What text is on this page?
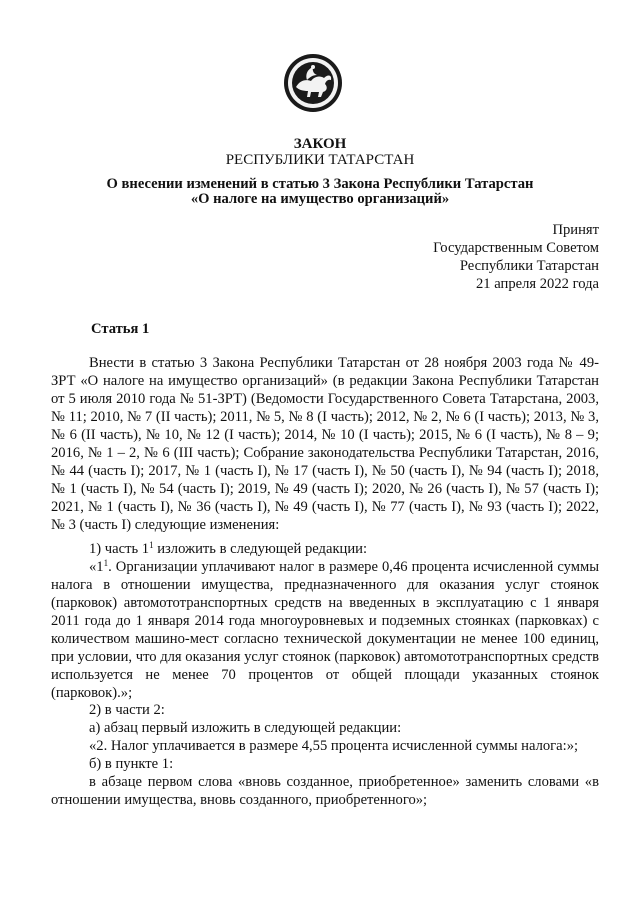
ЗАКОН
РЕСПУБЛИКИ ТАТАРСТАН
О внесении изменений в статью 3 Закона Республики Татарстан
«О налоге на имущество организаций»
Принят
Государственным Советом
Республики Татарстан
21 апреля 2022 года
Статья 1
Внести в статью 3 Закона Республики Татарстан от 28 ноября 2003 года № 49-ЗРТ «О налоге на имущество организаций» (в редакции Закона Республики Татарстан от 5 июля 2010 года № 51-ЗРТ) (Ведомости Государственного Совета Татарстана, 2003, № 11; 2010, № 7 (II часть); 2011, № 5, № 8 (I часть); 2012, № 2, № 6 (I часть); 2013, № 3, № 6 (II часть), № 10, № 12 (I часть); 2014, № 10 (I часть); 2015, № 6 (I часть), № 8 – 9; 2016, № 1 – 2, № 6 (III часть); Собрание законодательства Республики Татарстан, 2016, № 44 (часть I); 2017, № 1 (часть I), № 17 (часть I), № 50 (часть I), № 94 (часть I); 2018, № 1 (часть I), № 54 (часть I); 2019, № 49 (часть I); 2020, № 26 (часть I), № 57 (часть I); 2021, № 1 (часть I), № 36 (часть I), № 49 (часть I), № 77 (часть I), № 93 (часть I); 2022, № 3 (часть I) следующие изменения:

1) часть $1^1$ изложить в следующей редакции:

«$1^1$. Организации уплачивают налог в размере 0,46 процента исчисленной суммы налога в отношении имущества, предназначенного для оказания услуг стоянок (парковок) автомототранспортных средств на введенных в эксплуатацию с 1 января 2011 года до 1 января 2014 года многоуровневых и подземных стоянках (парковках) с количеством машино-мест согласно технической документации не менее 100 единиц, при условии, что для оказания услуг стоянок (парковок) автомототранспортных средств используется не менее 70 процентов от общей площади указанных стоянок (парковок).»;

2) в части 2:

а) абзац первый изложить в следующей редакции:

«2. Налог уплачивается в размере 4,55 процента исчисленной суммы налога:»;

б) в пункте 1:

в абзаце первом слова «вновь созданное, приобретенное» заменить словами «в отношении имущества, вновь созданного, приобретенного»;
